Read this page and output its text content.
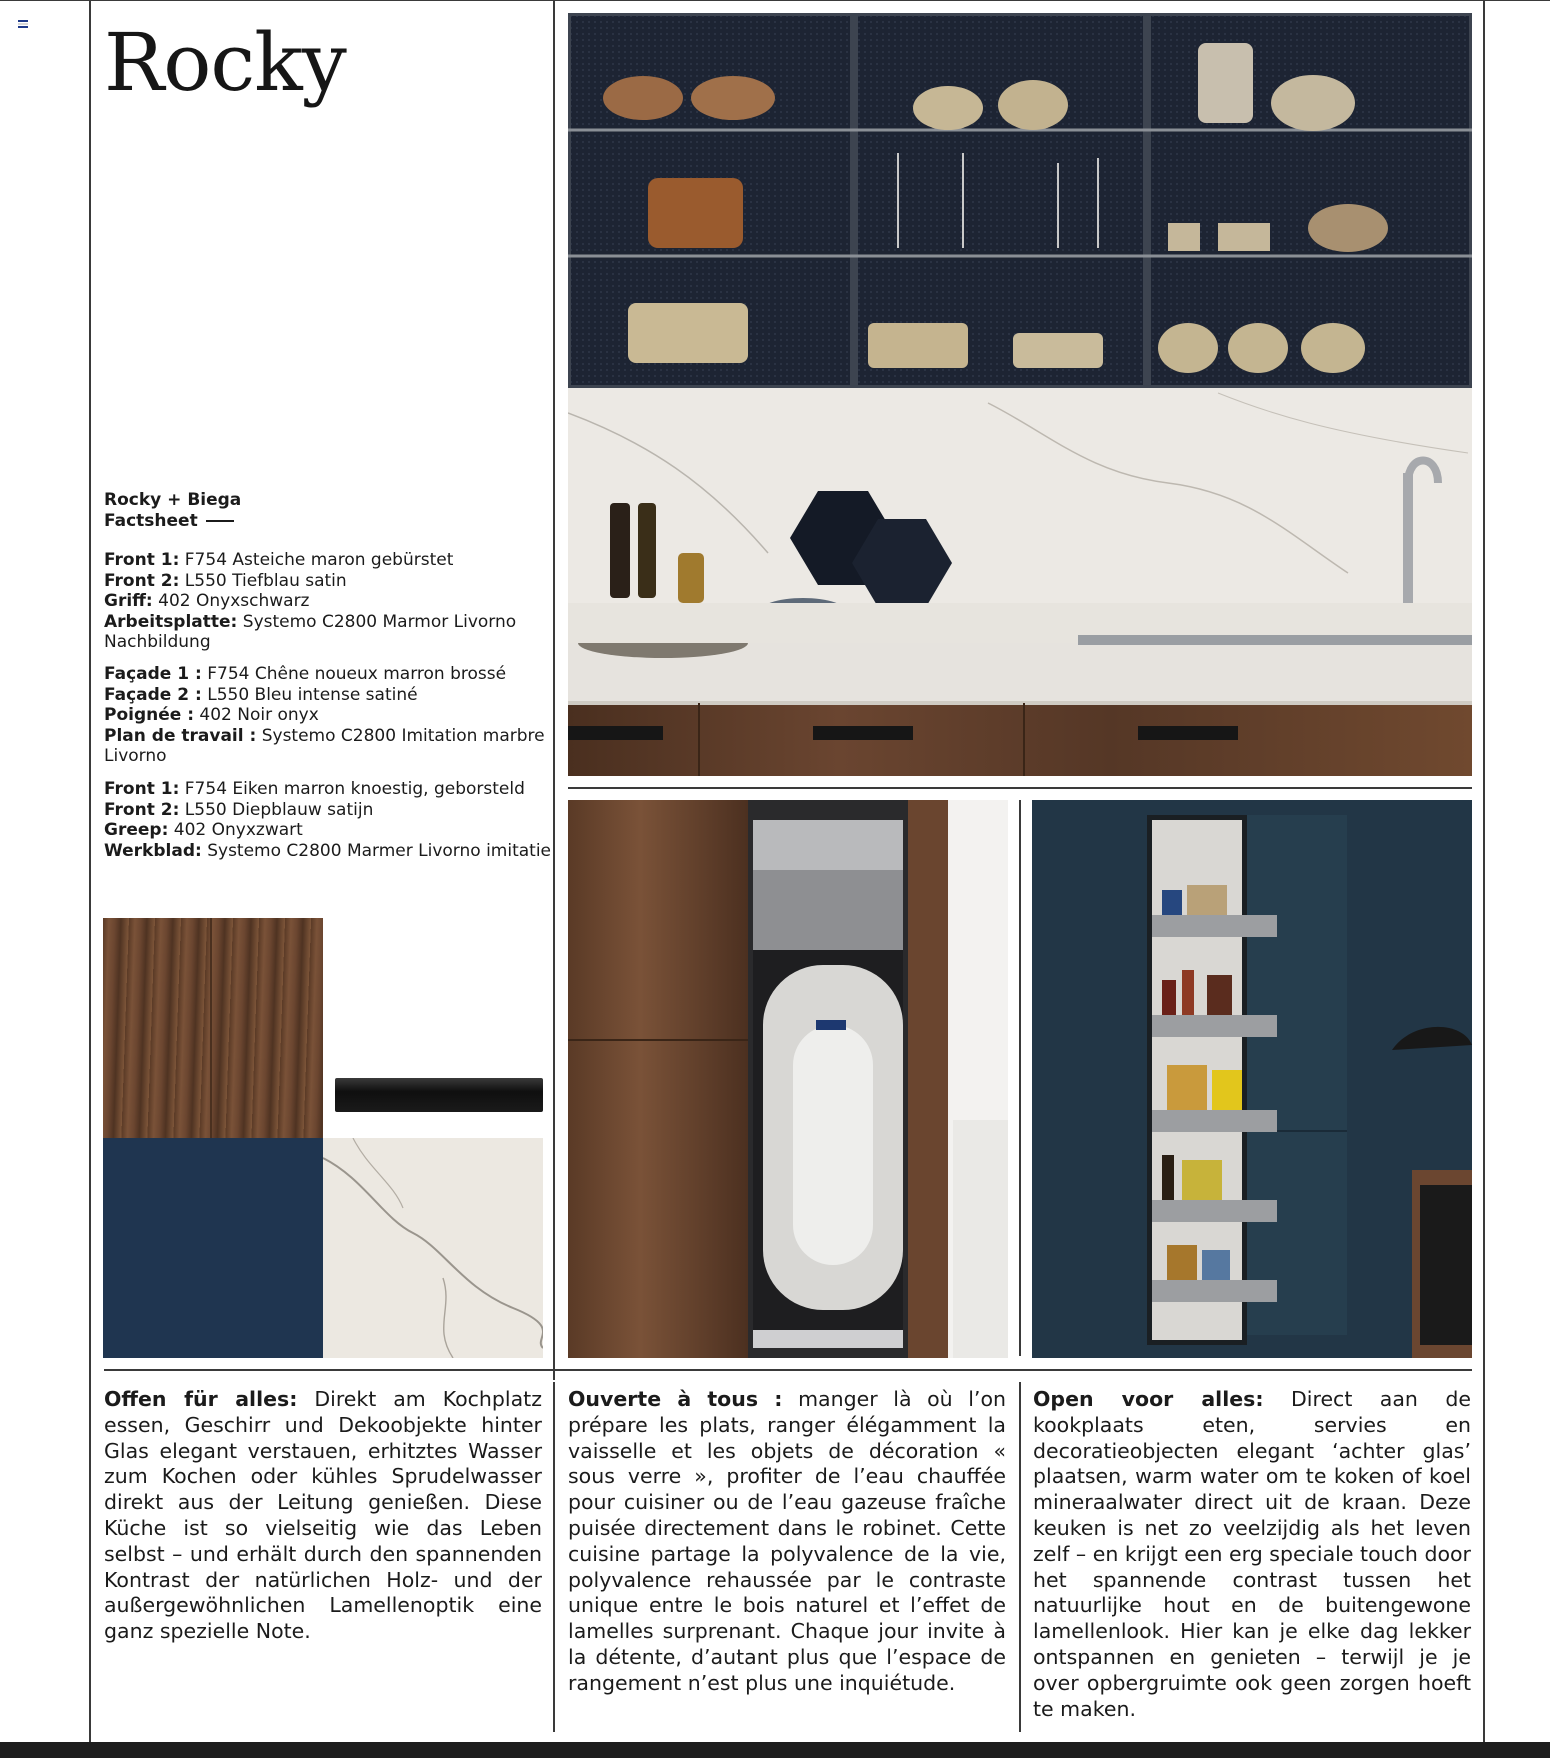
Rocky
Rocky + Biega
Factsheet

Front 1: F754 Asteiche maron gebürstet

Front 2: L550 Tiefblau satin

Griff: 402 Onyxschwarz

Arbeitsplatte: Systemo C2800 Marmor Livorno Nachbildung

Façade 1 : F754 Chêne noueux marron brossé

Façade 2 : L550 Bleu intense satiné

Poignée : 402 Noir onyx

Plan de travail : Systemo C2800 Imitation marbre Livorno

Front 1: F754 Eiken marron knoestig, geborsteld

Front 2: L550 Diepblauw satijn

Greep: 402 Onyxzwart

Werkblad: Systemo C2800 Marmer Livorno imitatie

Offen für alles: Direkt am Kochplatz essen, Geschirr und Dekoobjekte hinter Glas elegant verstauen, erhitztes Wasser zum Kochen oder kühles Sprudelwasser direkt aus der Leitung genießen. Diese Küche ist so vielseitig wie das Leben selbst – und erhält durch den spannenden Kontrast der natürlichen Holz- und der außergewöhnlichen Lamellenoptik eine ganz spezielle Note.
Ouverte à tous : manger là où l’on prépare les plats, ranger élégamment la vaisselle et les objets de décoration « sous verre », profiter de l’eau chauffée pour cuisiner ou de l’eau gazeuse fraîche puisée directement dans le robinet. Cette cuisine partage la polyvalence de la vie, polyvalence rehaussée par le contraste unique entre le bois naturel et l’effet de lamelles surprenant. Chaque jour invite à la détente, d’autant plus que l’espace de rangement n’est plus une inquiétude.
Open voor alles: Direct aan de kookplaats eten, servies en decoratieobjecten elegant ‘achter glas’ plaatsen, warm water om te koken of koel mineraalwater direct uit de kraan. Deze keuken is net zo veelzijdig als het leven zelf – en krijgt een erg speciale touch door het spannende contrast tussen het natuurlijke hout en de buitengewone lamellenlook. Hier kan je elke dag lekker ontspannen en genieten – terwijl je je over opbergruimte ook geen zorgen hoeft te maken.
